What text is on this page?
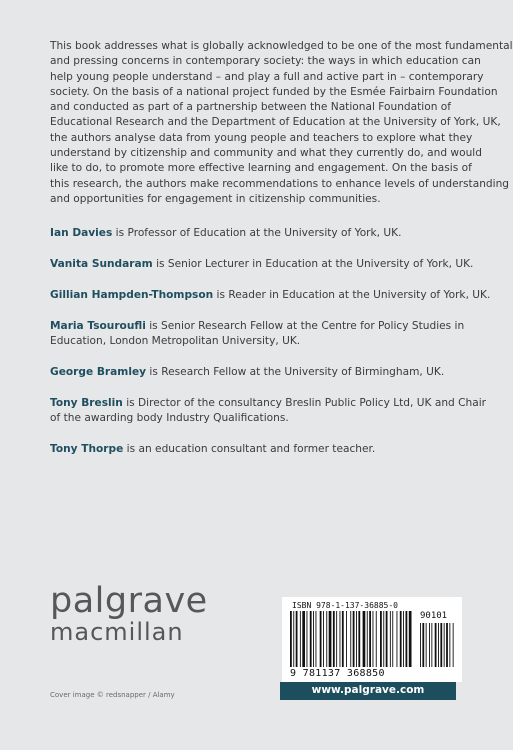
This book addresses what is globally acknowledged to be one of the most fundamental
and pressing concerns in contemporary society: the ways in which education can
help young people understand – and play a full and active part in – contemporary
society. On the basis of a national project funded by the Esmée Fairbairn Foundation
and conducted as part of a partnership between the National Foundation of
Educational Research and the Department of Education at the University of York, UK,
the authors analyse data from young people and teachers to explore what they
understand by citizenship and community and what they currently do, and would
like to do, to promote more effective learning and engagement. On the basis of
this research, the authors make recommendations to enhance levels of understanding
and opportunities for engagement in citizenship communities.

Ian Davies is Professor of Education at the University of York, UK.

Vanita Sundaram is Senior Lecturer in Education at the University of York, UK.

Gillian Hampden-Thompson is Reader in Education at the University of York, UK.

Maria Tsouroufli is Senior Research Fellow at the Centre for Policy Studies in
Education, London Metropolitan University, UK.

George Bramley is Research Fellow at the University of Birmingham, UK.

Tony Breslin is Director of the consultancy Breslin Public Policy Ltd, UK and Chair
of the awarding body Industry Qualifications.

Tony Thorpe is an education consultant and former teacher.

palgrave
macmillan
Cover image © redsnapper / Alamy
ISBN 978-1-137-36885-0
90101
9 781137 368850
www.palgrave.com
